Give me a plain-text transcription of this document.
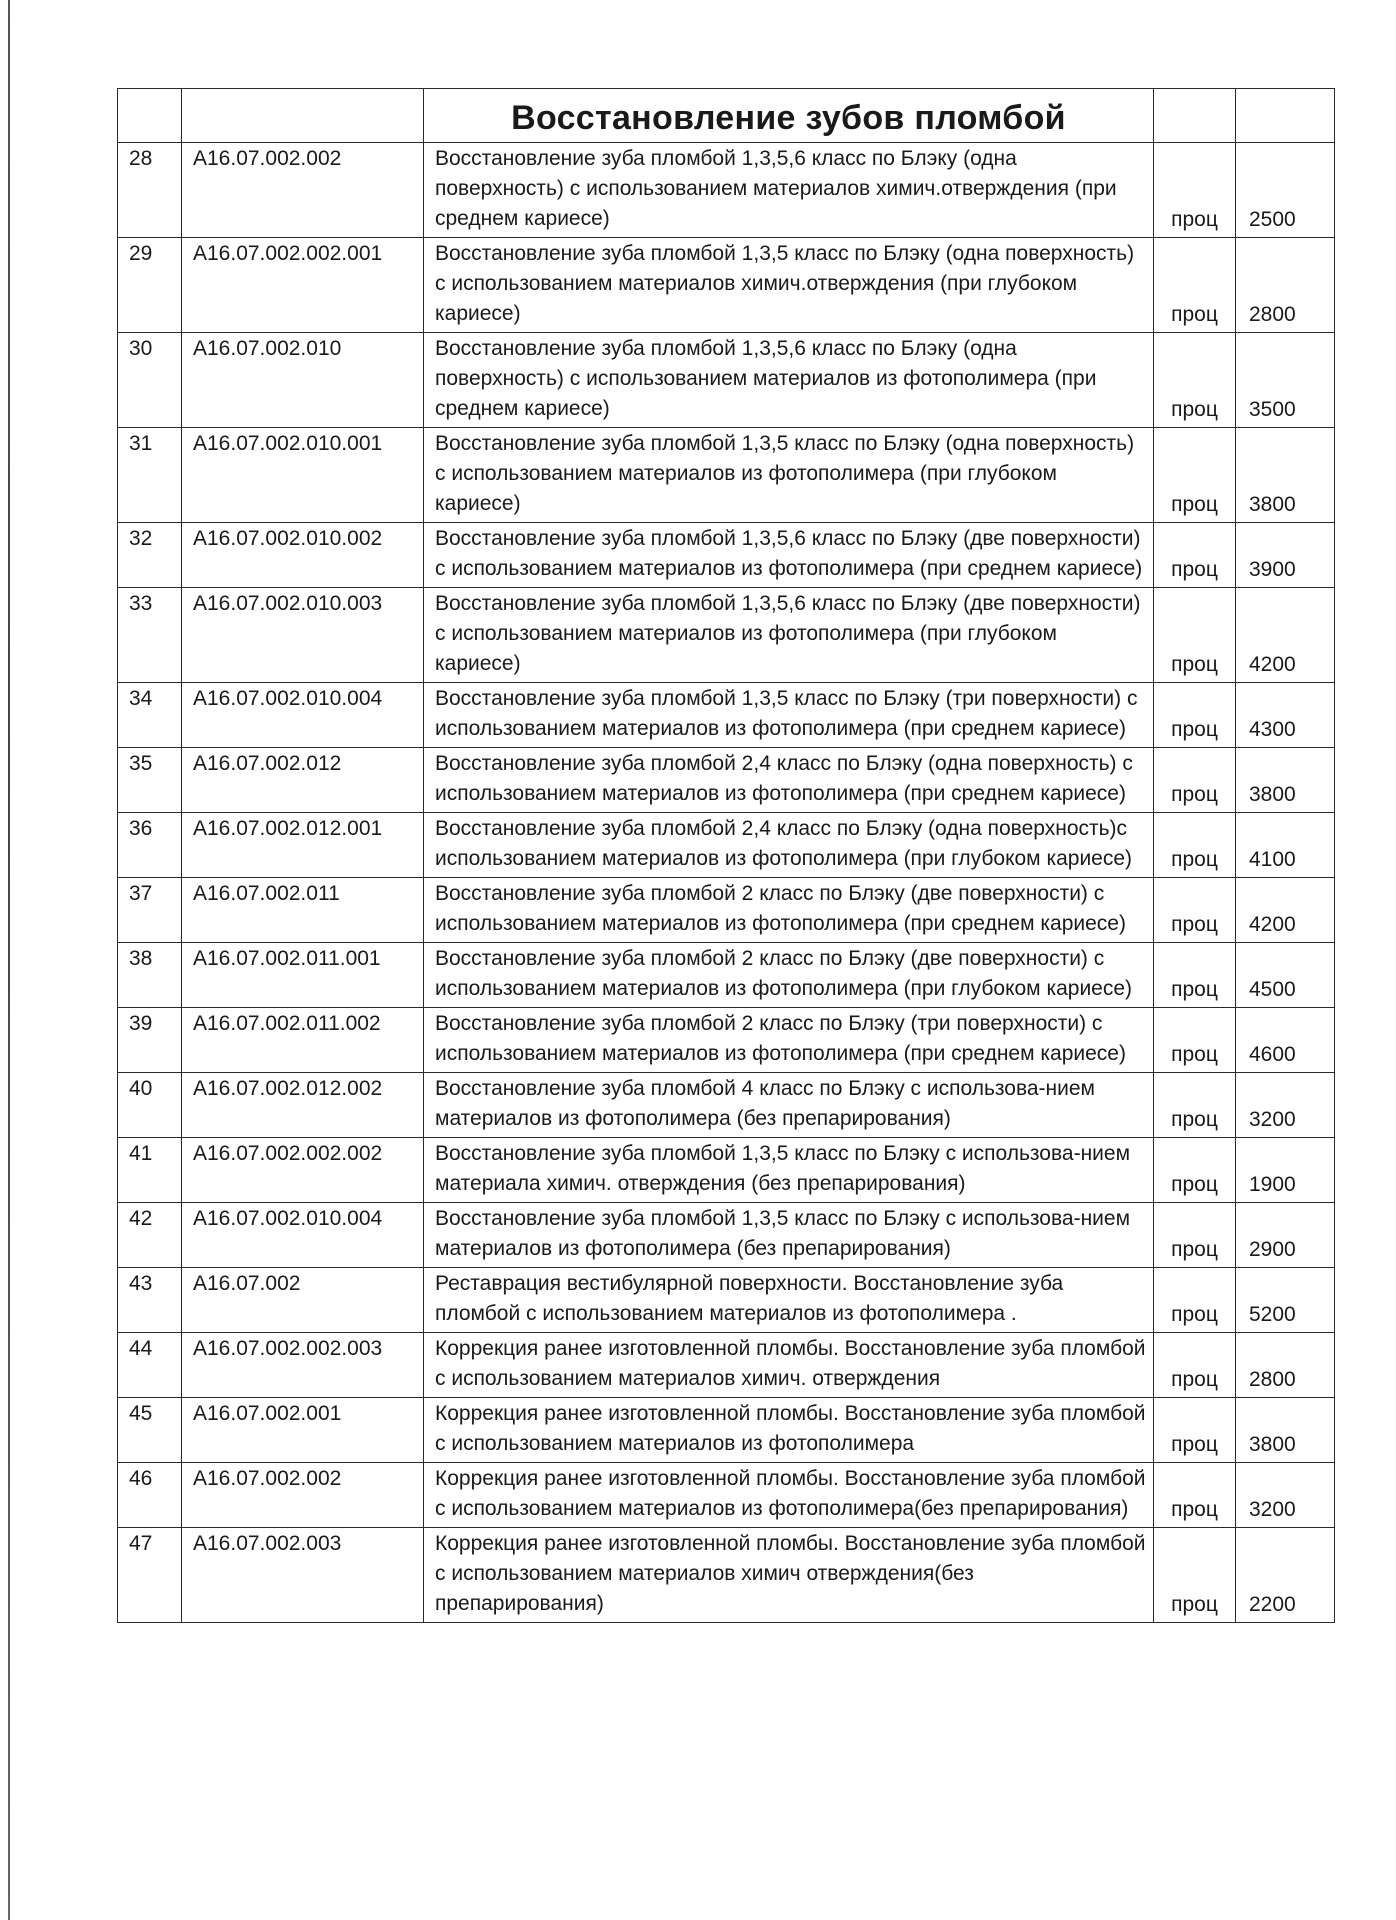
		Восстановление зубов пломбой		
28	А16.07.002.002	Восстановление зуба пломбой 1,3,5,6 класс по Блэку (одна поверхность) с использованием материалов химич.отверждения (при среднем кариесе)	проц	2500
29	А16.07.002.002.001	Восстановление зуба пломбой 1,3,5 класс по Блэку (одна поверхность) с использованием материалов химич.отверждения (при глубоком кариесе)	проц	2800
30	А16.07.002.010	Восстановление зуба пломбой 1,3,5,6 класс по Блэку (одна поверхность) с использованием материалов из фотополимера (при среднем кариесе)	проц	3500
31	А16.07.002.010.001	Восстановление зуба пломбой 1,3,5 класс по Блэку (одна поверхность) с использованием материалов из фотополимера (при глубоком кариесе)	проц	3800
32	А16.07.002.010.002	Восстановление зуба пломбой 1,3,5,6 класс по Блэку (две поверхности) с использованием материалов из фотополимера (при среднем кариесе)	проц	3900
33	А16.07.002.010.003	Восстановление зуба пломбой 1,3,5,6 класс по Блэку (две поверхности) с использованием материалов из фотополимера (при глубоком кариесе)	проц	4200
34	А16.07.002.010.004	Восстановление зуба пломбой 1,3,5 класс по Блэку (три поверхности) с использованием материалов из фотополимера (при среднем кариесе)	проц	4300
35	А16.07.002.012	Восстановление зуба пломбой 2,4 класс по Блэку (одна поверхность) с использованием материалов из фотополимера (при среднем кариесе)	проц	3800
36	А16.07.002.012.001	Восстановление зуба пломбой 2,4 класс по Блэку (одна поверхность)с использованием материалов из фотополимера (при глубоком кариесе)	проц	4100
37	А16.07.002.011	Восстановление зуба пломбой 2 класс по Блэку (две поверхности) с использованием материалов из фотополимера (при среднем кариесе)	проц	4200
38	А16.07.002.011.001	Восстановление зуба пломбой 2 класс по Блэку (две поверхности) с использованием материалов из фотополимера (при глубоком кариесе)	проц	4500
39	А16.07.002.011.002	Восстановление зуба пломбой 2 класс по Блэку (три поверхности) с использованием материалов из фотополимера (при среднем кариесе)	проц	4600
40	А16.07.002.012.002	Восстановление зуба пломбой 4 класс по Блэку с использова-нием материалов из фотополимера (без препарирования)	проц	3200
41	А16.07.002.002.002	Восстановление зуба пломбой 1,3,5 класс по Блэку с использова-нием материала химич. отверждения (без препарирования)	проц	1900
42	А16.07.002.010.004	Восстановление зуба пломбой 1,3,5 класс по Блэку с использова-нием материалов из фотополимера (без препарирования)	проц	2900
43	А16.07.002	Реставрация вестибулярной поверхности. Восстановление зуба пломбой с использованием материалов из фотополимера .	проц	5200
44	А16.07.002.002.003	Коррекция ранее изготовленной пломбы. Восстановление зуба пломбой с использованием материалов химич. отверждения	проц	2800
45	А16.07.002.001	Коррекция ранее изготовленной пломбы. Восстановление зуба пломбой с использованием материалов из фотополимера	проц	3800
46	А16.07.002.002	Коррекция ранее изготовленной пломбы. Восстановление зуба пломбой с использованием материалов из фотополимера(без препарирования)	проц	3200
47	А16.07.002.003	Коррекция ранее изготовленной пломбы. Восстановление зуба пломбой с использованием материалов химич отверждения(без препарирования)	проц	2200
